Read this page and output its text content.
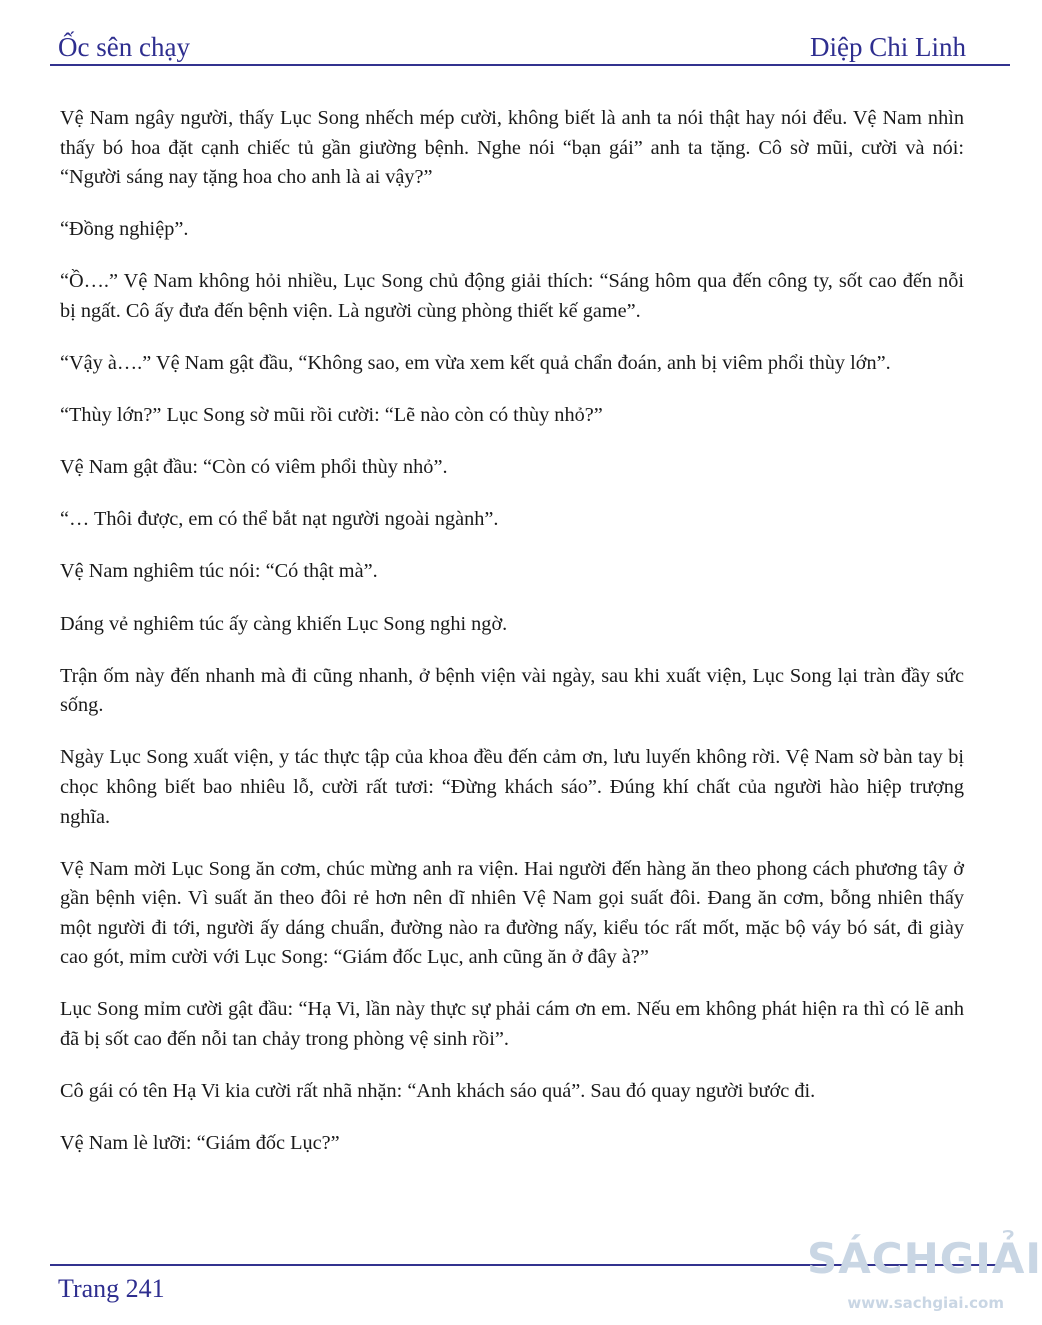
Ốc sên chạy	Diệp Chi Linh

Vệ Nam ngây người, thấy Lục Song nhếch mép cười, không biết là anh ta nói thật hay nói đểu. Vệ Nam nhìn thấy bó hoa đặt cạnh chiếc tủ gần giường bệnh. Nghe nói “bạn gái” anh ta tặng. Cô sờ mũi, cười và nói: “Người sáng nay tặng hoa cho anh là ai vậy?”

“Đồng nghiệp”.

“Ồ….” Vệ Nam không hỏi nhiều, Lục Song chủ động giải thích: “Sáng hôm qua đến công ty, sốt cao đến nỗi bị ngất. Cô ấy đưa đến bệnh viện. Là người cùng phòng thiết kế game”.

“Vậy à….” Vệ Nam gật đầu, “Không sao, em vừa xem kết quả chẩn đoán, anh bị viêm phổi thùy lớn”.

“Thùy lớn?” Lục Song sờ mũi rồi cười: “Lẽ nào còn có thùy nhỏ?”

Vệ Nam gật đầu: “Còn có viêm phổi thùy nhỏ”.

“… Thôi được, em có thể bắt nạt người ngoài ngành”.

Vệ Nam nghiêm túc nói: “Có thật mà”.

Dáng vẻ nghiêm túc ấy càng khiến Lục Song nghi ngờ.

Trận ốm này đến nhanh mà đi cũng nhanh, ở bệnh viện vài ngày, sau khi xuất viện, Lục Song lại tràn đầy sức sống.

Ngày Lục Song xuất viện, y tác thực tập của khoa đều đến cảm ơn, lưu luyến không rời. Vệ Nam sờ bàn tay bị chọc không biết bao nhiêu lỗ, cười rất tươi: “Đừng khách sáo”. Đúng khí chất của người hào hiệp trượng nghĩa.

Vệ Nam mời Lục Song ăn cơm, chúc mừng anh ra viện. Hai người đến hàng ăn theo phong cách phương tây ở gần bệnh viện. Vì suất ăn theo đôi rẻ hơn nên dĩ nhiên Vệ Nam gọi suất đôi. Đang ăn cơm, bỗng nhiên thấy một người đi tới, người ấy dáng chuẩn, đường nào ra đường nấy, kiểu tóc rất mốt, mặc bộ váy bó sát, đi giày cao gót, mỉm cười với Lục Song: “Giám đốc Lục, anh cũng ăn ở đây à?”

Lục Song mỉm cười gật đầu: “Hạ Vi, lần này thực sự phải cám ơn em. Nếu em không phát hiện ra thì có lẽ anh đã bị sốt cao đến nỗi tan chảy trong phòng vệ sinh rồi”.

Cô gái có tên Hạ Vi kia cười rất nhã nhặn: “Anh khách sáo quá”. Sau đó quay người bước đi.

Vệ Nam lè lưỡi: “Giám đốc Lục?”

Trang 241
SÁCHGIẢI
www.sachgiai.com
